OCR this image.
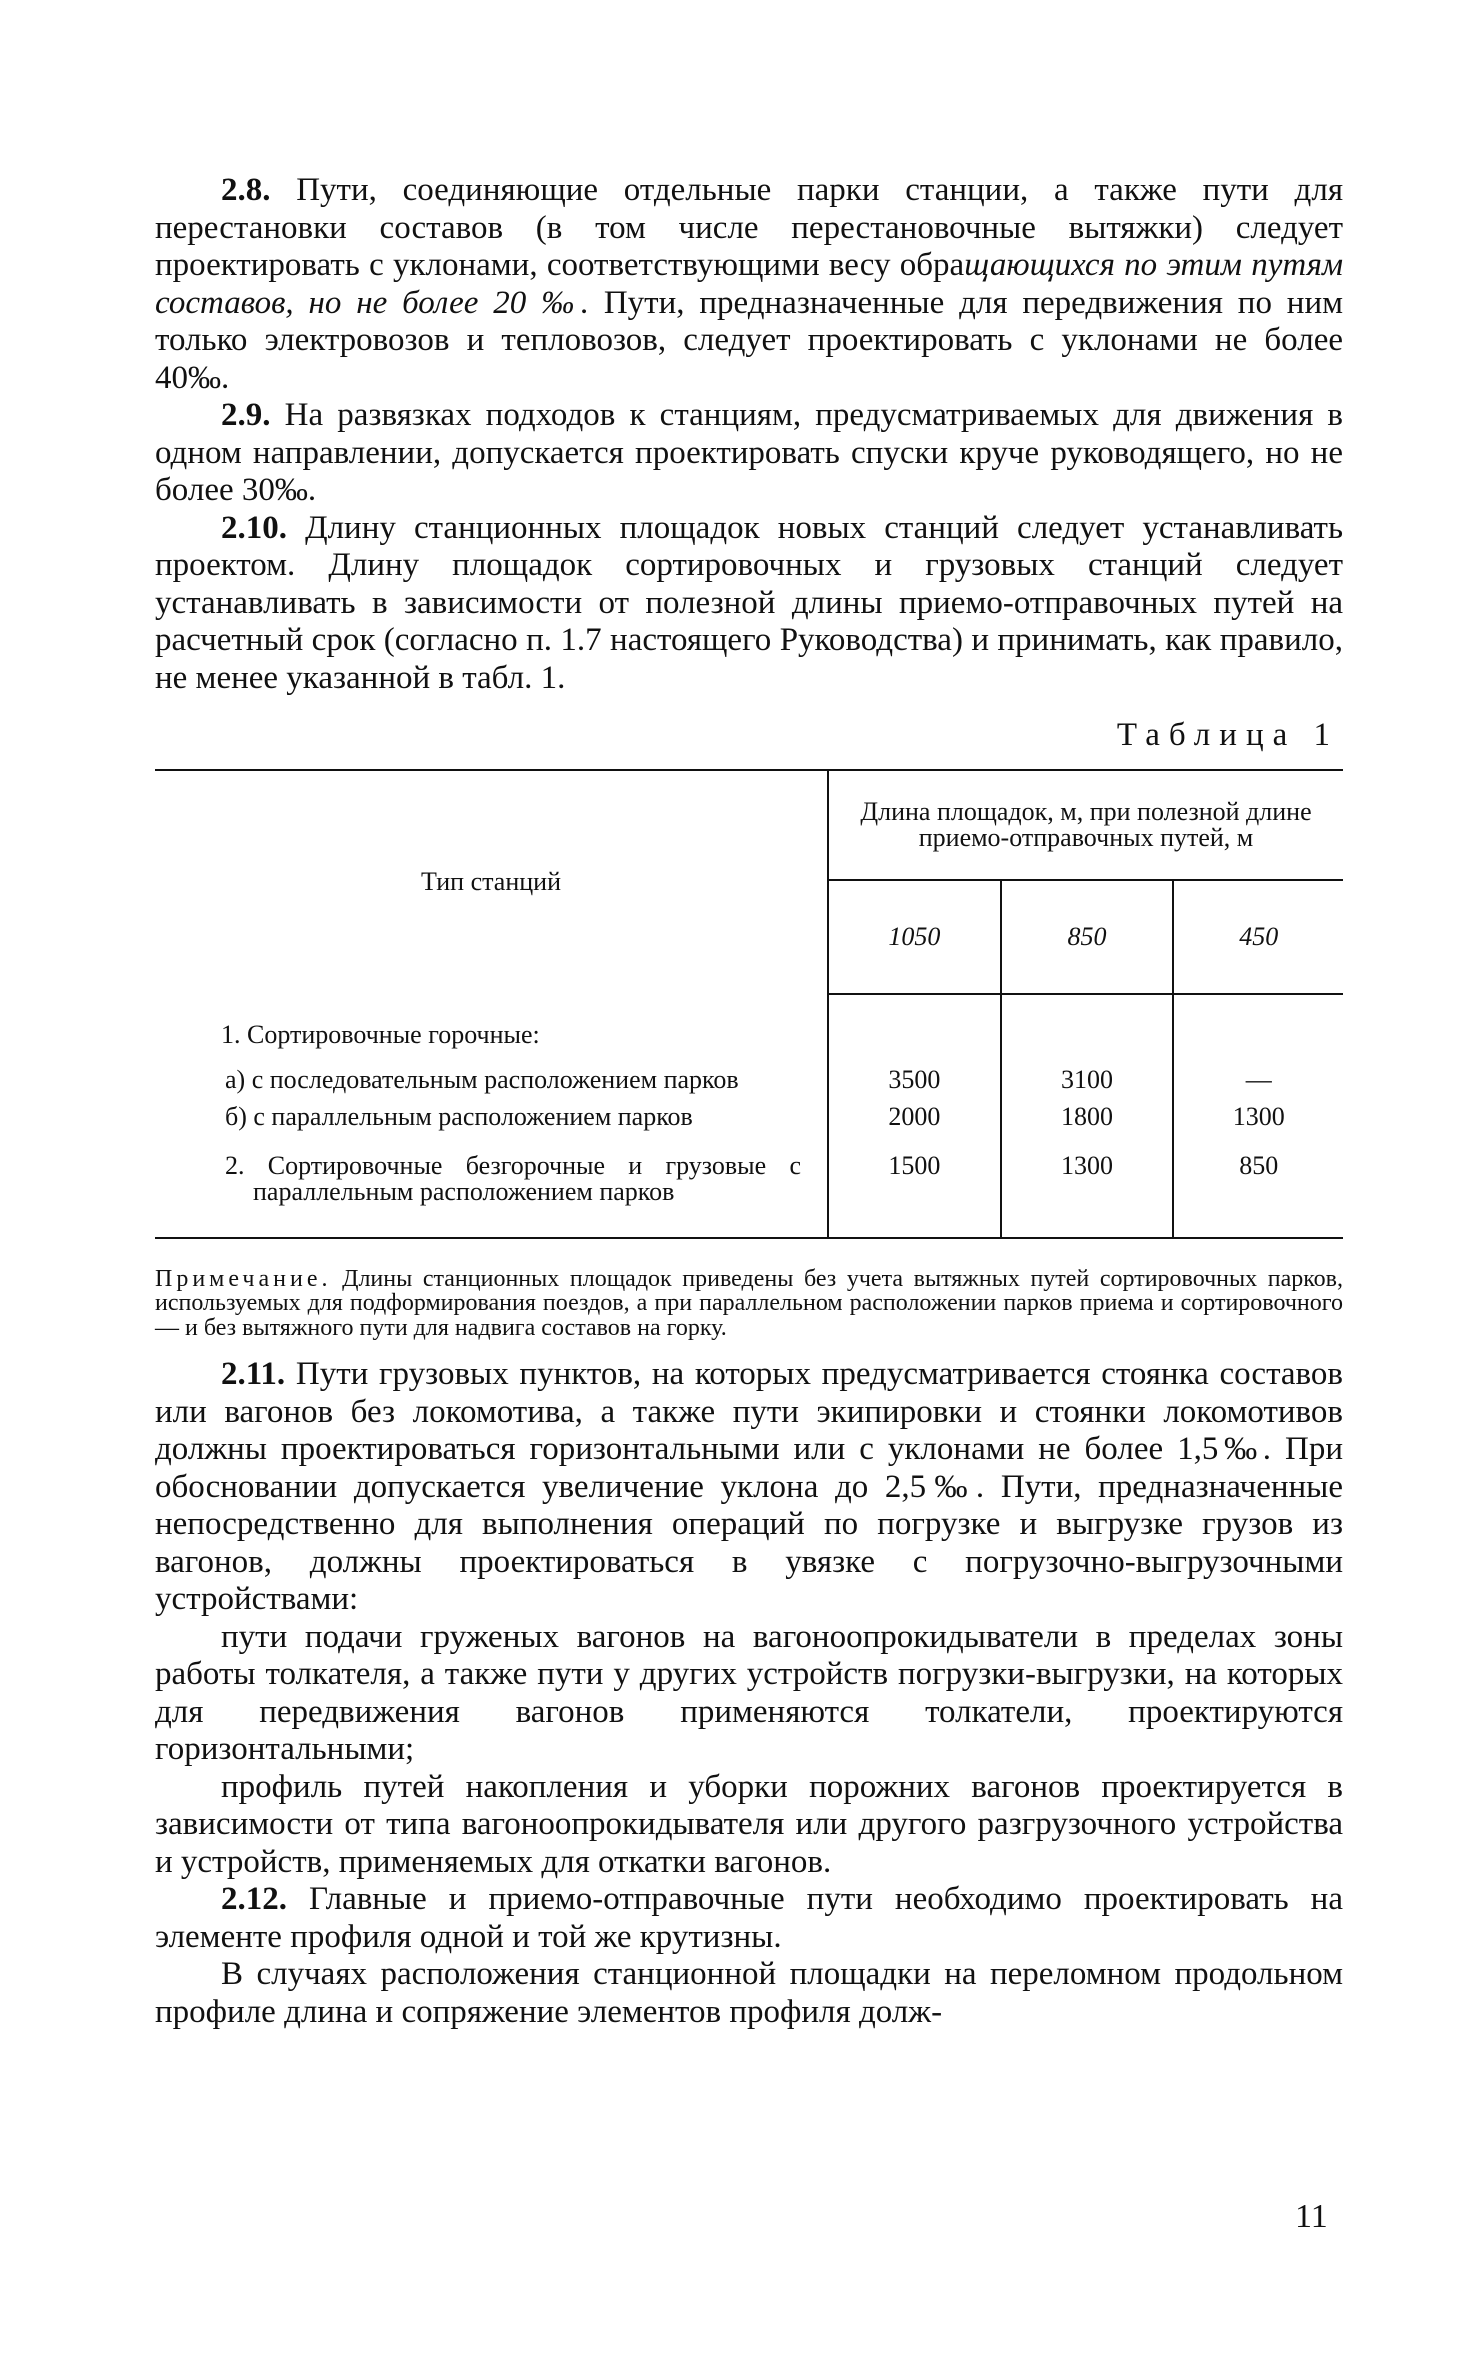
2.8. Пути, соединяющие отдельные парки станции, а также пути для перестановки составов (в том числе перестановочные вытяжки) следует проектировать с уклонами, соответствующими весу обращающихся по этим путям составов, но не более 20 ‰. Пути, предназначенные для передвижения по ним только электровозов и тепловозов, следует проектировать с уклонами не более 40‰.

2.9. На развязках подходов к станциям, предусматриваемых для движения в одном направлении, допускается проектировать спуски круче руководящего, но не более 30‰.

2.10. Длину станционных площадок новых станций следует устанавливать проектом. Длину площадок сортировочных и грузовых станций следует устанавливать в зависимости от полезной длины приемо-отправочных путей на расчетный срок (согласно п. 1.7 настоящего Руководства) и принимать, как правило, не менее указанной в табл. 1.

Таблица 1
Тип станций	Длина площадок, м, при полезной длине приемо-отправочных путей, м		
	1050	850	450
1. Сортировочные горочные:			
а) с последовательным расположением парков	3500	3100	—
б) с параллельным расположением парков	2000	1800	1300
2. Сортировочные безгорочные и грузовые с параллельным расположением парков	1500	1300	850
Примечание. Длины станционных площадок приведены без учета вытяжных путей сортировочных парков, используемых для подформирования поездов, а при параллельном расположении парков приема и сортировочного — и без вытяжного пути для надвига составов на горку.

2.11. Пути грузовых пунктов, на которых предусматривается стоянка составов или вагонов без локомотива, а также пути экипировки и стоянки локомотивов должны проектироваться горизонтальными или с уклонами не более 1,5‰. При обосновании допускается увеличение уклона до 2,5‰. Пути, предназначенные непосредственно для выполнения операций по погрузке и выгрузке грузов из вагонов, должны проектироваться в увязке с погрузочно-выгрузочными устройствами:

пути подачи груженых вагонов на вагоноопрокидыватели в пределах зоны работы толкателя, а также пути у других устройств погрузки-выгрузки, на которых для передвижения вагонов применяются толкатели, проектируются горизонтальными;

профиль путей накопления и уборки порожних вагонов проектируется в зависимости от типа вагоноопрокидывателя или другого разгрузочного устройства и устройств, применяемых для откатки вагонов.

2.12. Главные и приемо-отправочные пути необходимо проектировать на элементе профиля одной и той же крутизны.

В случаях расположения станционной площадки на переломном продольном профиле длина и сопряжение элементов профиля долж-

11
